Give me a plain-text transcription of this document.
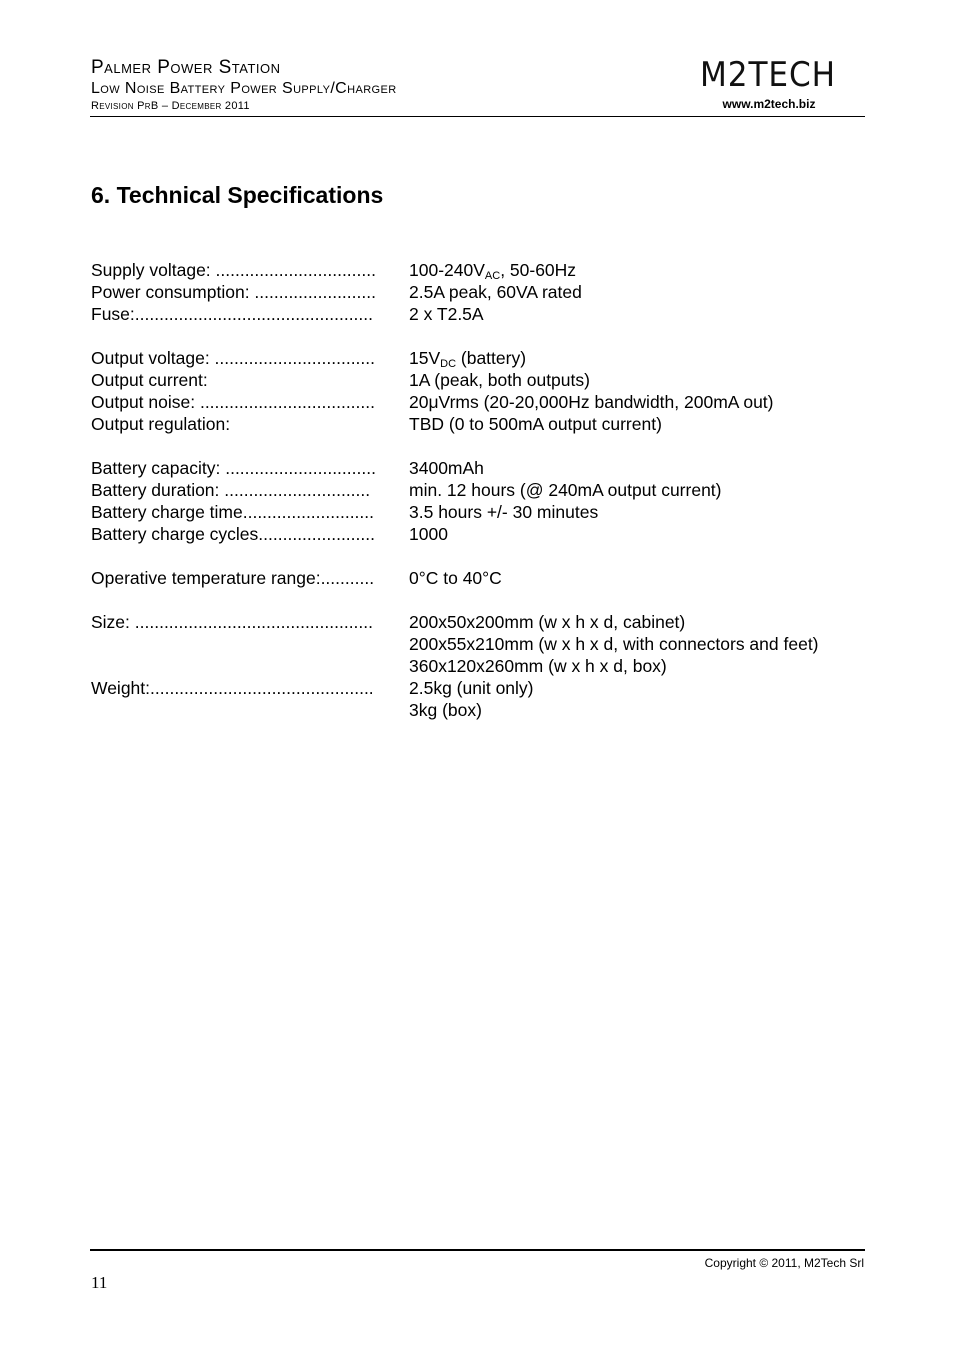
Palmer Power Station
Low Noise Battery Power Supply/Charger
Revision PrB – December 2011
M2TECH
www.m2tech.biz
6. Technical Specifications
Supply voltage: .................................	$100-240V_{AC}$, 50-60Hz
Power consumption: .........................	2.5A peak, 60VA rated
Fuse:.................................................	2 x T2.5A
Output voltage: .................................	$15V_{DC}$ (battery)
Output current:	1A (peak, both outputs)
Output noise: ....................................	20μVrms (20-20,000Hz bandwidth, 200mA out)
Output regulation:	TBD (0 to 500mA output current)
Battery capacity: ...............................	3400mAh
Battery duration: ..............................	min. 12 hours (@ 240mA output current)
Battery charge time...........................	3.5 hours +/- 30 minutes
Battery charge cycles........................	1000
Operative temperature range:...........	0°C to 40°C
Size: .................................................	200x50x200mm (w x h x d, cabinet)
200x55x210mm (w x h x d, with connectors and feet)
360x120x260mm (w x h x d, box)
Weight:..............................................	2.5kg (unit only)
3kg (box)
Copyright © 2011, M2Tech Srl
11
